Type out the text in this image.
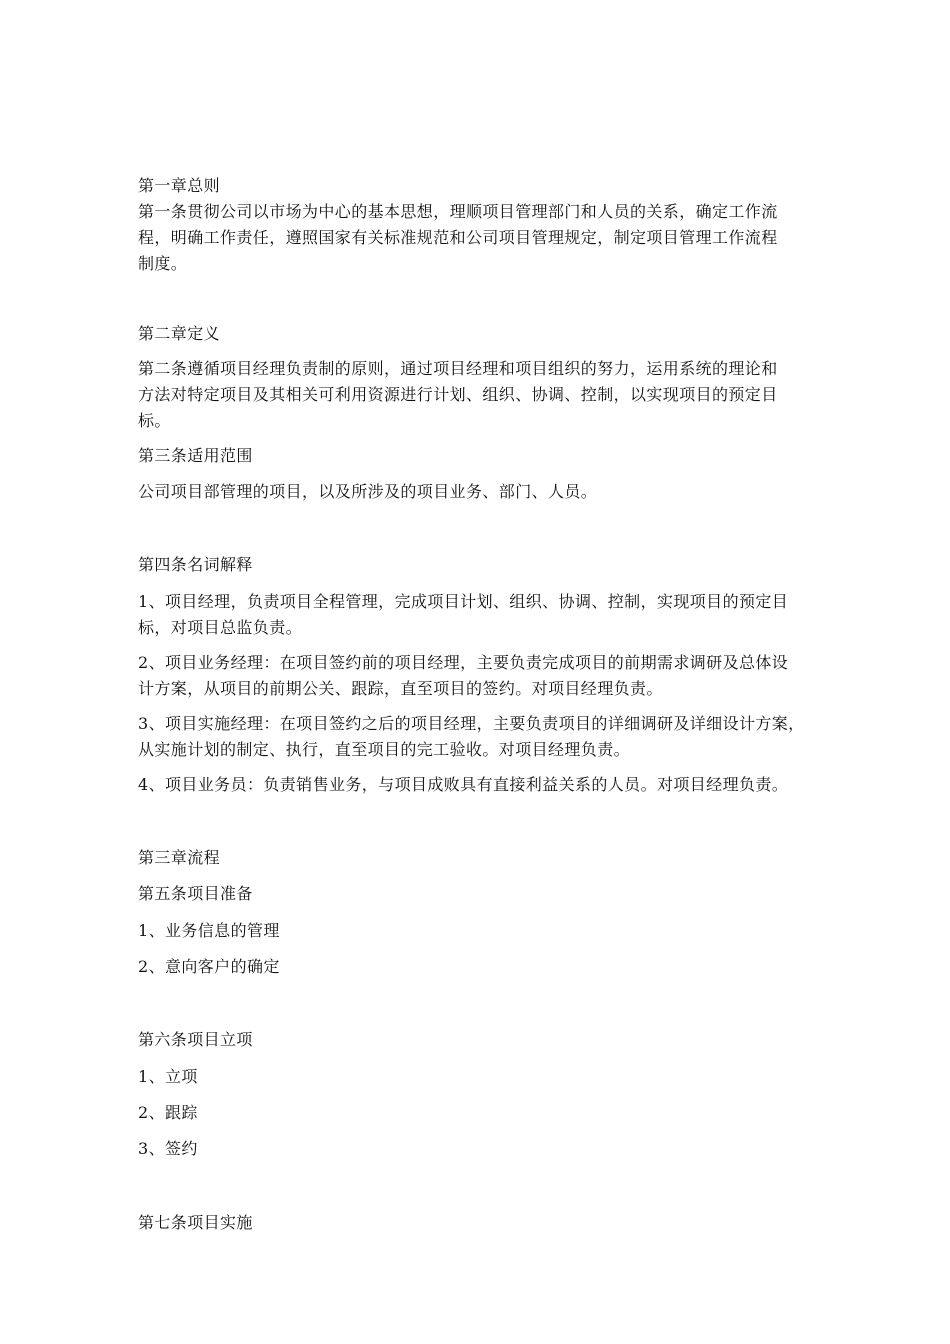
第一章总则
第一条贯彻公司以市场为中心的基本思想，理顺项目管理部门和人员的关系，确定工作流
程，明确工作责任，遵照国家有关标准规范和公司项目管理规定，制定项目管理工作流程
制度。
第二章定义
第二条遵循项目经理负责制的原则，通过项目经理和项目组织的努力，运用系统的理论和
方法对特定项目及其相关可利用资源进行计划、组织、协调、控制，以实现项目的预定目
标。
第三条适用范围
公司项目部管理的项目，以及所涉及的项目业务、部门、人员。
第四条名词解释
1、项目经理，负责项目全程管理，完成项目计划、组织、协调、控制，实现项目的预定目
标，对项目总监负责。
2、项目业务经理：在项目签约前的项目经理，主要负责完成项目的前期需求调研及总体设
计方案，从项目的前期公关、跟踪，直至项目的签约。对项目经理负责。
3、项目实施经理：在项目签约之后的项目经理，主要负责项目的详细调研及详细设计方案，
从实施计划的制定、执行，直至项目的完工验收。对项目经理负责。
4、项目业务员：负责销售业务，与项目成败具有直接利益关系的人员。对项目经理负责。
第三章流程
第五条项目准备
1、业务信息的管理
2、意向客户的确定
第六条项目立项
1、立项
2、跟踪
3、签约
第七条项目实施
